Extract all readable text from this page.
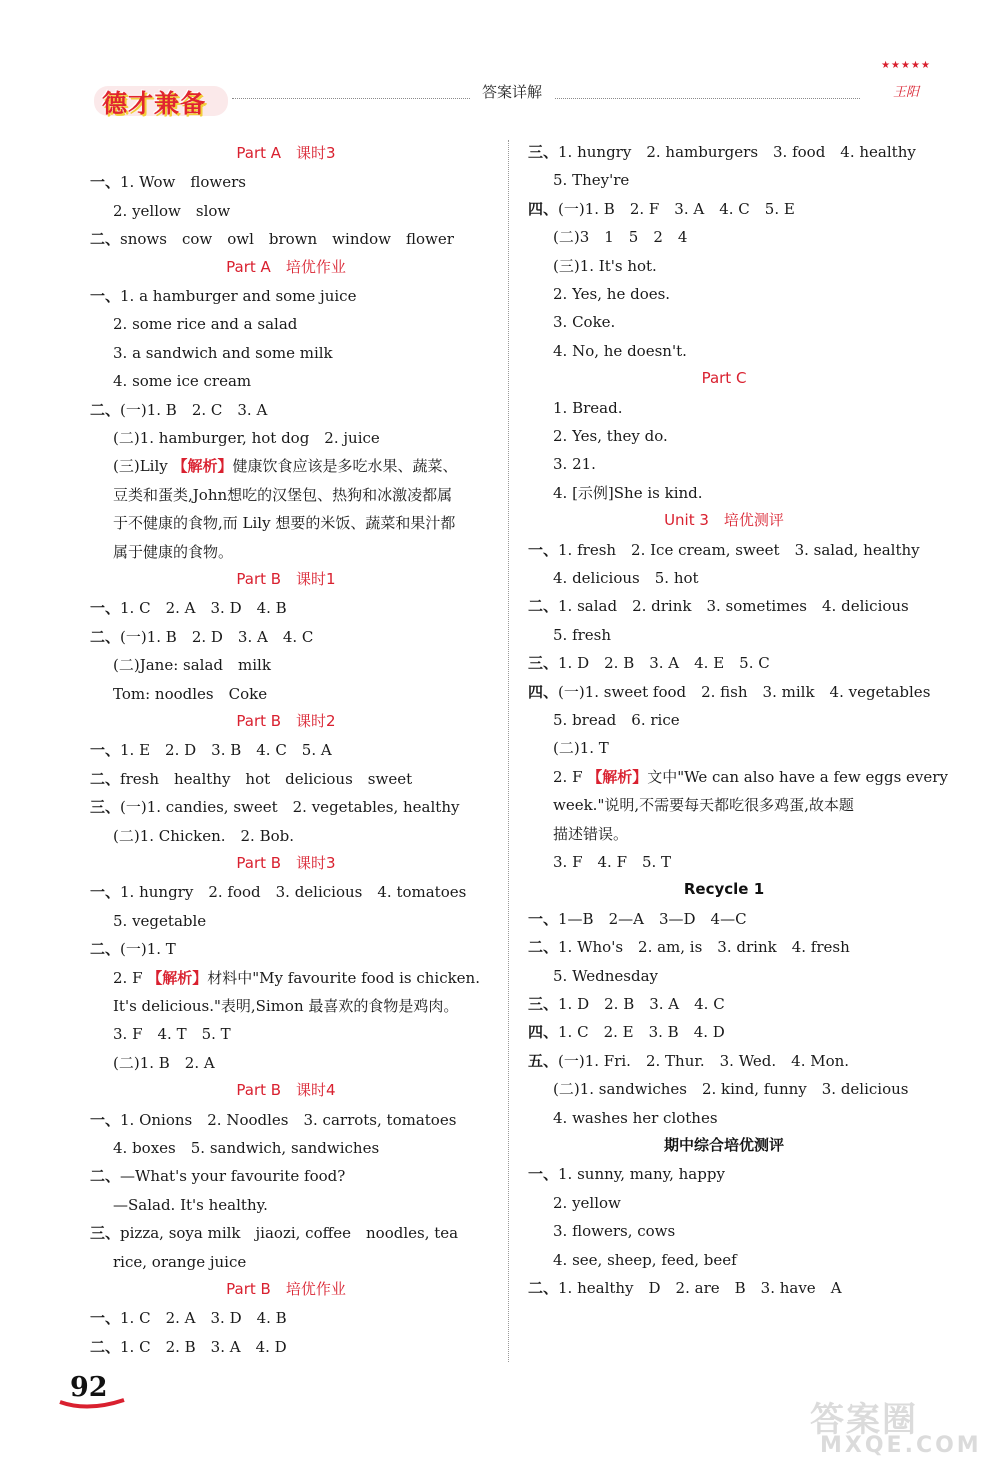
德才兼备	答案详解
★★★★★
王阳
Part A　课时3
一、1. Wow　flowers
2. yellow　slow
二、snows　cow　owl　brown　window　flower
Part A　培优作业
一、1. a hamburger and some juice
2. some rice and a salad
3. a sandwich and some milk
4. some ice cream
二、(一)1. B　2. C　3. A
(二)1. hamburger, hot dog　2. juice
(三)Lily 【解析】健康饮食应该是多吃水果、蔬菜、
豆类和蛋类,John想吃的汉堡包、热狗和冰激凌都属
于不健康的食物,而 Lily 想要的米饭、蔬菜和果汁都
属于健康的食物。
Part B　课时1
一、1. C　2. A　3. D　4. B
二、(一)1. B　2. D　3. A　4. C
(二)Jane: salad　milk
Tom: noodles　Coke
Part B　课时2
一、1. E　2. D　3. B　4. C　5. A
二、fresh　healthy　hot　delicious　sweet
三、(一)1. candies, sweet　2. vegetables, healthy
(二)1. Chicken.　2. Bob.
Part B　课时3
一、1. hungry　2. food　3. delicious　4. tomatoes
5. vegetable
二、(一)1. T
2. F 【解析】材料中"My favourite food is chicken.
It's delicious."表明,Simon 最喜欢的食物是鸡肉。
3. F　4. T　5. T
(二)1. B　2. A
Part B　课时4
一、1. Onions　2. Noodles　3. carrots, tomatoes
4. boxes　5. sandwich, sandwiches
二、—What's your favourite food?
—Salad. It's healthy.
三、pizza, soya milk　jiaozi, coffee　noodles, tea
rice, orange juice
Part B　培优作业
一、1. C　2. A　3. D　4. B
二、1. C　2. B　3. A　4. D
三、1. hungry　2. hamburgers　3. food　4. healthy
5. They're
四、(一)1. B　2. F　3. A　4. C　5. E
(二)3　1　5　2　4
(三)1. It's hot.
2. Yes, he does.
3. Coke.
4. No, he doesn't.
Part C
1. Bread.
2. Yes, they do.
3. 21.
4. [示例]She is kind.
Unit 3　培优测评
一、1. fresh　2. Ice cream, sweet　3. salad, healthy
4. delicious　5. hot
二、1. salad　2. drink　3. sometimes　4. delicious
5. fresh
三、1. D　2. B　3. A　4. E　5. C
四、(一)1. sweet food　2. fish　3. milk　4. vegetables
5. bread　6. rice
(二)1. T
2. F 【解析】文中"We can also have a few eggs every
week."说明,不需要每天都吃很多鸡蛋,故本题
描述错误。
3. F　4. F　5. T
Recycle 1
一、1—B　2—A　3—D　4—C
二、1. Who's　2. am, is　3. drink　4. fresh
5. Wednesday
三、1. D　2. B　3. A　4. C
四、1. C　2. E　3. B　4. D
五、(一)1. Fri.　2. Thur.　3. Wed.　4. Mon.
(二)1. sandwiches　2. kind, funny　3. delicious
4. washes her clothes
期中综合培优测评
一、1. sunny, many, happy
2. yellow
3. flowers, cows
4. see, sheep, feed, beef
二、1. healthy　D　2. are　B　3. have　A
92
答案圈
MXQE.COM
